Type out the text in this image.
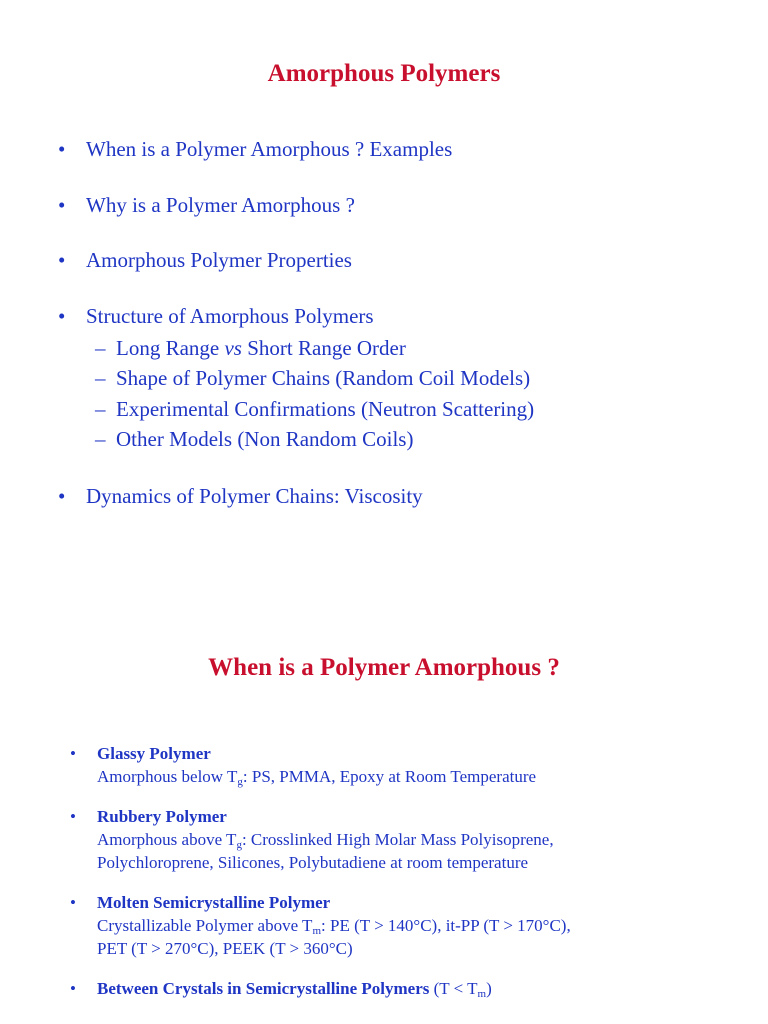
Amorphous Polymers
• When is a Polymer Amorphous ? Examples
• Why is a Polymer Amorphous ?
• Amorphous Polymer Properties
• Structure of Amorphous Polymers
– Long Range vs Short Range Order
– Shape of Polymer Chains (Random Coil Models)
– Experimental Confirmations (Neutron Scattering)
– Other Models (Non Random Coils)
• Dynamics of Polymer Chains: Viscosity
When is a Polymer Amorphous ?
• Glassy Polymer
Amorphous below $T_g$: PS, PMMA, Epoxy at Room Temperature
• Rubbery Polymer
Amorphous above $T_g$: Crosslinked High Molar Mass Polyisoprene,
Polychloroprene, Silicones, Polybutadiene at room temperature
• Molten Semicrystalline Polymer
Crystallizable Polymer above $T_m$: PE (T > 140°C), it-PP (T > 170°C),
PET (T > 270°C), PEEK (T > 360°C)
• Between Crystals in Semicrystalline Polymers $(T < T_m)$
